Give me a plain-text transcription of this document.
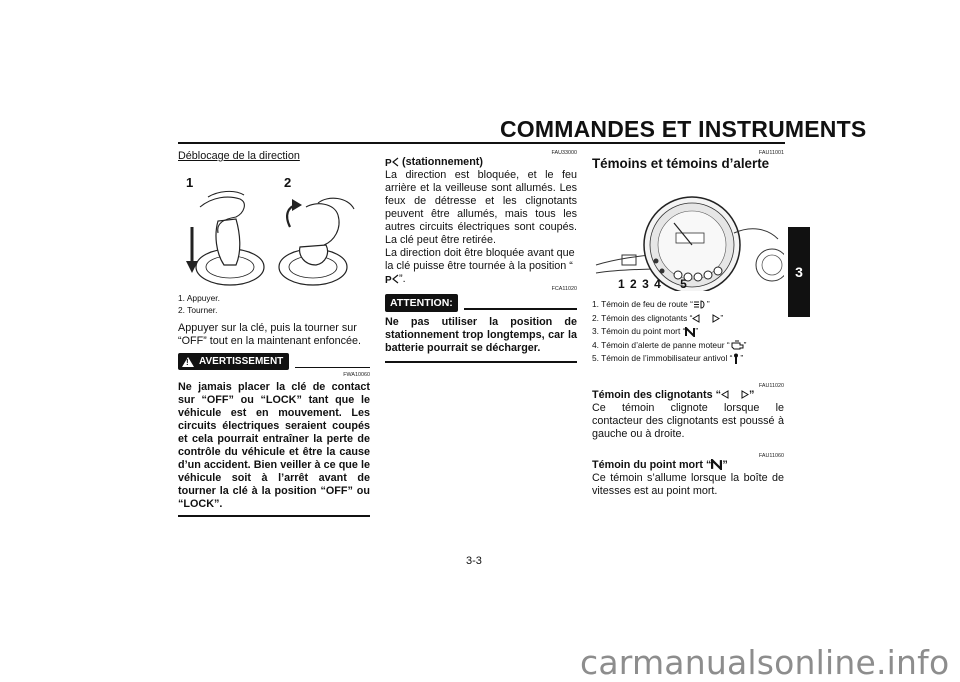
COMMANDES ET INSTRUMENTS
3
Déblocage de la direction
1	2
1. Appuyer.
2. Tourner.
Appuyer sur la clé, puis la tourner sur “OFF” tout en la maintenant enfoncée.
! AVERTISSEMENT
FWA10060
Ne jamais placer la clé de contact sur “OFF” ou “LOCK” tant que le véhicule est en mouvement. Les circuits électriques seraient coupés et cela pourrait entraîner la perte de contrôle du véhicule et être la cause d’un accident. Bien veiller à ce que le véhicule soit à l’arrêt avant de tourner la clé à la position “OFF” ou “LOCK”.
FAU33000
P (stationnement)
La direction est bloquée, et le feu arrière et la veilleuse sont allumés. Les feux de détresse et les clignotants peuvent être allumés, mais tous les autres circuits électriques sont coupés. La clé peut être retirée.
La direction doit être bloquée avant que la clé puisse être tournée à la position “
P ”.
FCA11020
ATTENTION:
Ne pas utiliser la position de stationnement trop longtemps, car la batterie pourrait se décharger.
FAU11001
Témoins et témoins d’alerte
1 2 3 4 5
1. Témoin de feu de route “ ”
2. Témoin des clignotants “	”
3. Témoin du point mort “ ”
4. Témoin d’alerte de panne moteur “ ”
5. Témoin de l’immobilisateur antivol “ ”
FAU11020
Témoin des clignotants “	”
Ce témoin clignote lorsque le contacteur des clignotants est poussé à gauche ou à droite.
FAU11060
Témoin du point mort “ ”
Ce témoin s’allume lorsque la boîte de vitesses est au point mort.
3-3
carmanualsonline.info
